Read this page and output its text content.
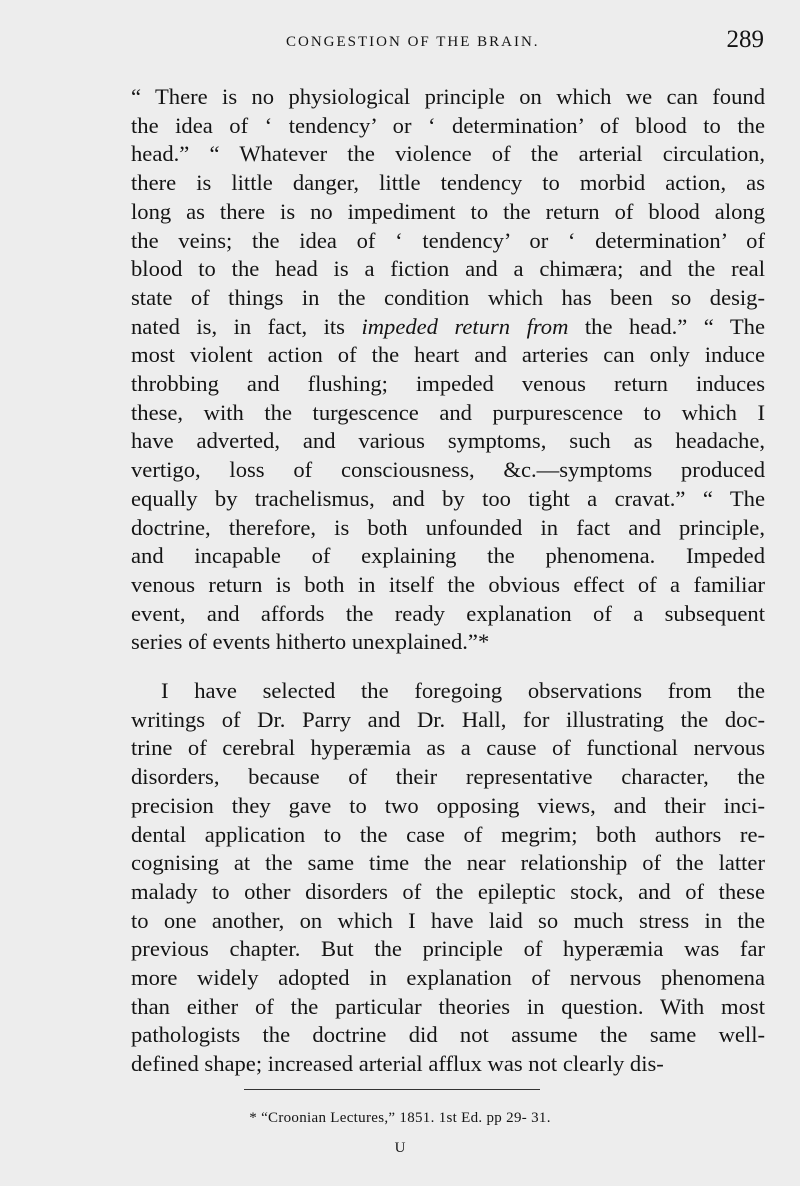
CONGESTION OF THE BRAIN.	289
“ There is no physiological principle on which we can found
the idea of ‘ tendency’ or ‘ determination’ of blood to the
head.” “ Whatever the violence of the arterial circulation,
there is little danger, little tendency to morbid action, as
long as there is no impediment to the return of blood along
the veins; the idea of ‘ tendency’ or ‘ determination’ of
blood to the head is a fiction and a chimæra; and the real
state of things in the condition which has been so desig-
nated is, in fact, its impeded return from the head.” “ The
most violent action of the heart and arteries can only induce
throbbing and flushing; impeded venous return induces
these, with the turgescence and purpurescence to which I
have adverted, and various symptoms, such as headache,
vertigo, loss of consciousness, &c.—symptoms produced
equally by trachelismus, and by too tight a cravat.” “ The
doctrine, therefore, is both unfounded in fact and principle,
and incapable of explaining the phenomena. Impeded
venous return is both in itself the obvious effect of a familiar
event, and affords the ready explanation of a subsequent
series of events hitherto unexplained.”*
I have selected the foregoing observations from the
writings of Dr. Parry and Dr. Hall, for illustrating the doc-
trine of cerebral hyperæmia as a cause of functional nervous
disorders, because of their representative character, the
precision they gave to two opposing views, and their inci-
dental application to the case of megrim; both authors re-
cognising at the same time the near relationship of the latter
malady to other disorders of the epileptic stock, and of these
to one another, on which I have laid so much stress in the
previous chapter. But the principle of hyperæmia was far
more widely adopted in explanation of nervous phenomena
than either of the particular theories in question. With most
pathologists the doctrine did not assume the same well-
defined shape; increased arterial afflux was not clearly dis-
* “Croonian Lectures,” 1851. 1st Ed. pp 29- 31.
U
